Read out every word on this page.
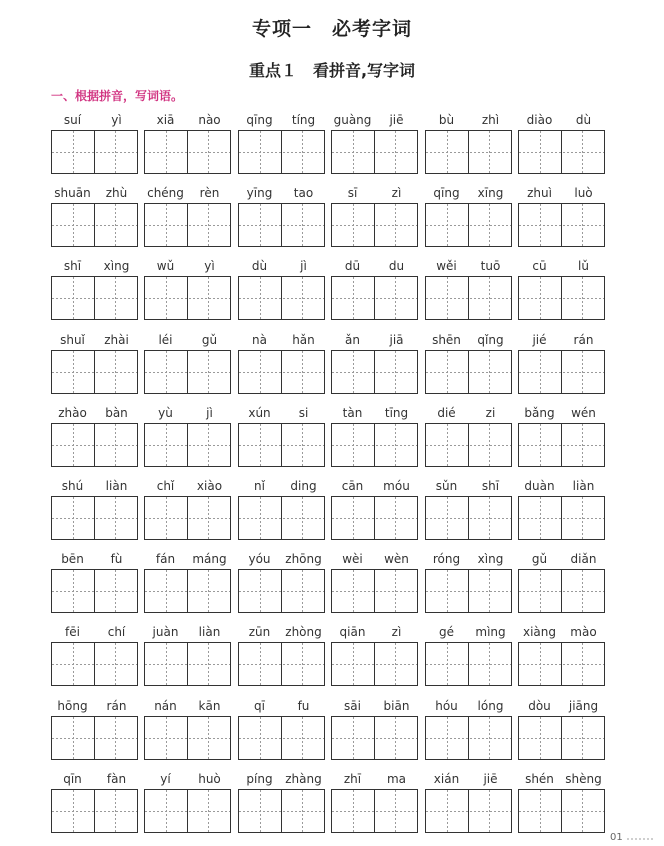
专项一　必考字词
重点１　看拼音,写字词
一、根据拼音，写词语。
suí	yì	xiā	nào	qīng	tíng	guàng	jiē	bù	zhì	diào	dù
shuān	zhù	chéng	rèn	yīng	tao	sī	zì	qīng	xīng	zhuì	luò
shī	xìng	wǔ	yì	dù	jì	dū	du	wěi	tuō	cū	lǔ
shuǐ	zhài	léi	gǔ	nà	hǎn	ǎn	jiā	shēn	qǐng	jié	rán
zhào	bàn	yù	jì	xún	si	tàn	tīng	dié	zi	bǎng	wén
shú	liàn	chǐ	xiào	nǐ	ding	cān	móu	sǔn	shī	duàn	liàn
bēn	fù	fán	máng	yóu	zhōng	wèi	wèn	róng	xìng	gǔ	diǎn
fēi	chí	juàn	liàn	zūn	zhòng	qiān	zì	gé	mìng	xiàng	mào
hōng	rán	nán	kān	qī	fu	sāi	biān	hóu	lóng	dòu	jiāng
qīn	fàn	yí	huò	píng	zhàng	zhī	ma	xián	jiē	shén shèng
01
